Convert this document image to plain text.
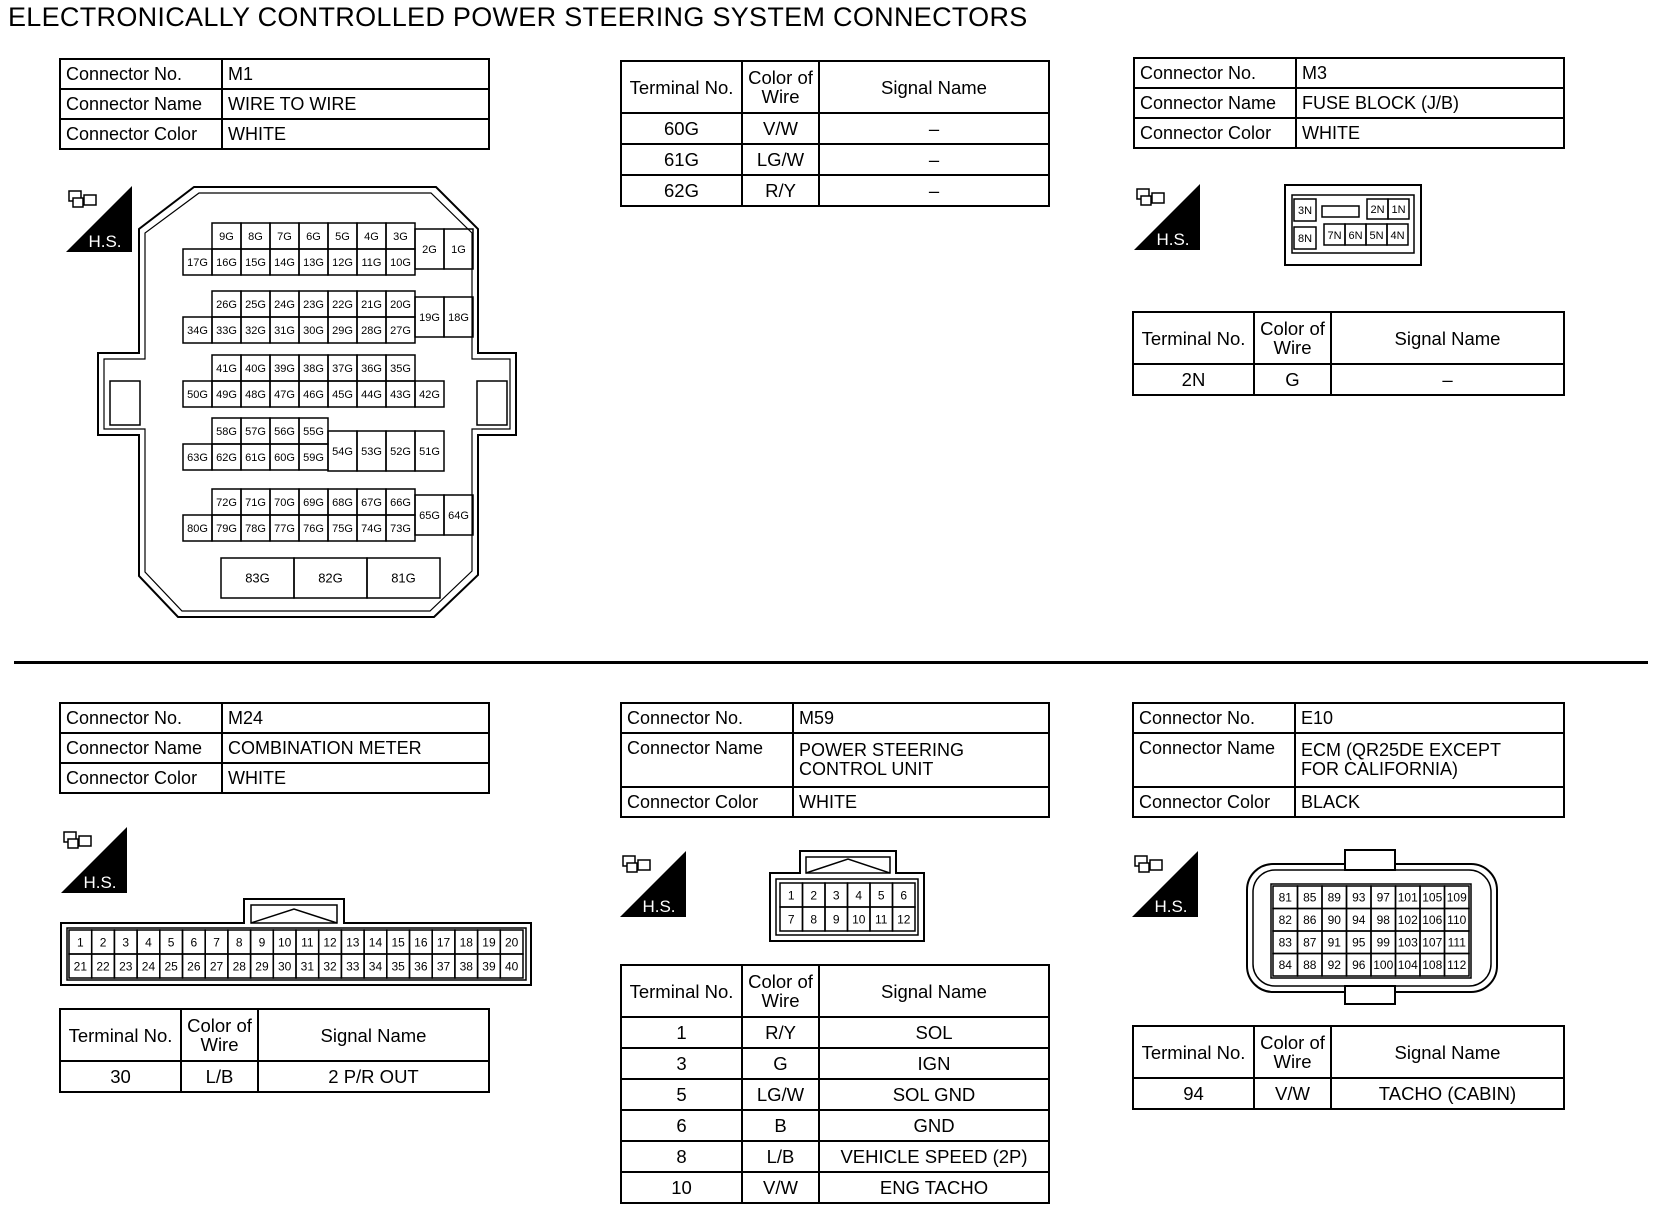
ELECTRONICALLY CONTROLLED POWER STEERING SYSTEM CONNECTORS
Connector No.	M1
Connector Name	WIRE TO WIRE
Connector Color	WHITE
H.S.
17G 16G 15G 14G 13G 12G 11G 10G
9G 8G 7G 6G 5G 4G 3G
2G 1G
34G 33G 32G 31G 30G 29G 28G 27G
26G 25G 24G 23G 22G 21G 20G
19G 18G
50G 49G 48G 47G 46G 45G 44G 43G 42G
41G 40G 39G 38G 37G 36G 35G
63G 62G 61G 60G 59G
58G 57G 56G 55G
54G 53G 52G 51G
80G 79G 78G 77G 76G 75G 74G 73G
72G 71G 70G 69G 68G 67G 66G
65G 64G
83G	82G	81G
Terminal No.	Color of Wire	Signal Name
60G	V/W	–
61G	LG/W	–
62G	R/Y	–
Connector No.	M3
Connector Name	FUSE BLOCK (J/B)
Connector Color	WHITE
H.S.
3N
8N
2N 1N
7N 6N 5N 4N
Terminal No.	Color of Wire	Signal Name
2N	G	–
Connector No.	M24
Connector Name	COMBINATION METER
Connector Color	WHITE
H.S.
1 2 3 4 5 6 7 8 9 10 11 12 13 14 15 16 17 18 19 20
21 22 23 24 25 26 27 28 29 30 31 32 33 34 35 36 37 38 39 40
Terminal No.	Color of Wire	Signal Name
30	L/B	2 P/R OUT
Connector No.	M59
Connector Name	POWER STEERING CONTROL UNIT
Connector Color	WHITE
H.S.
1 2 3 4 5 6
7 8 9 10 11 12
Terminal No.	Color of Wire	Signal Name
1	R/Y	SOL
3	G	IGN
5	LG/W	SOL GND
6	B	GND
8	L/B	VEHICLE SPEED (2P)
10	V/W	ENG TACHO
Connector No.	E10
Connector Name	ECM (QR25DE EXCEPT FOR CALIFORNIA)
Connector Color	BLACK
H.S.	81 85 89 93 97 101 105 109
82 86 90 94 98 102 106 110
83 87 91 95 99 103 107 111
84 88 92 96 100 104 108 112
Terminal No.	Color of Wire	Signal Name
94	V/W	TACHO (CABIN)
